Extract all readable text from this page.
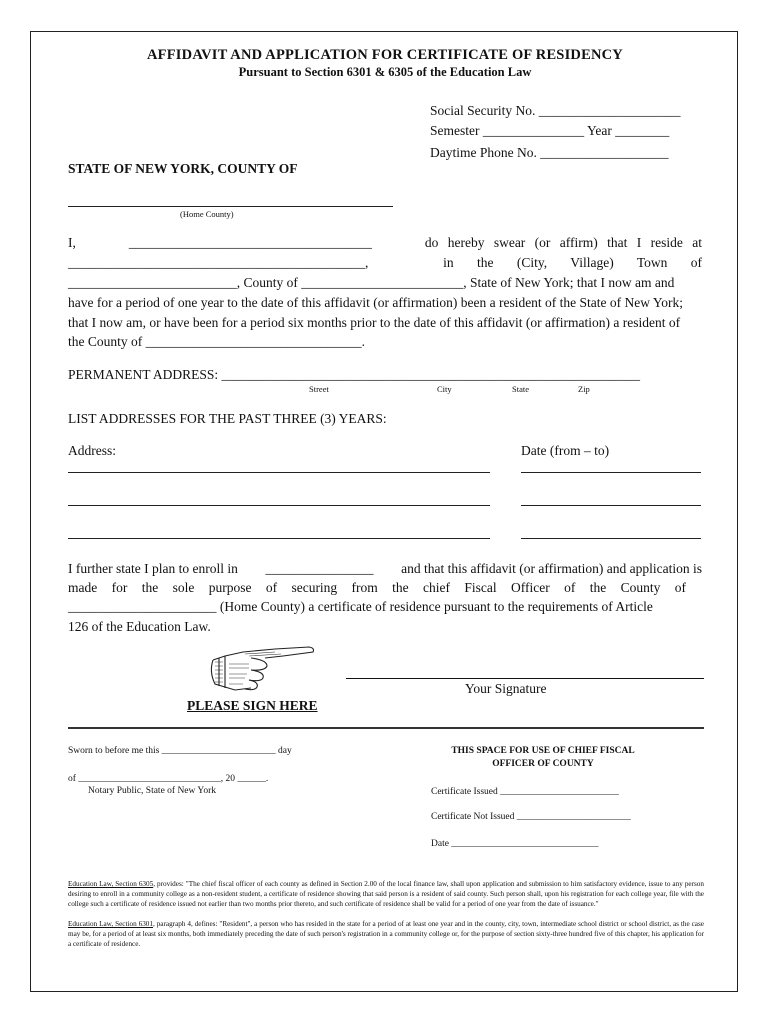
AFFIDAVIT AND APPLICATION FOR CERTIFICATE OF RESIDENCY
Pursuant to Section 6301 & 6305 of the Education Law
Social Security No. _____________________
Semester _______________ Year ________
Daytime Phone No. ___________________
STATE OF NEW YORK, COUNTY OF
(Home County)
I,	____________________________________	do hereby swear (or affirm) that I reside at
____________________________________________,	in the (City, Village) Town of
_________________________, County of ________________________, State of New York; that I now am and
have for a period of one year to the date of this affidavit (or affirmation) been a resident of the State of New York;
that I now am, or have been for a period six months prior to the date of this affidavit (or affirmation) a resident of
the County of ________________________________.
PERMANENT ADDRESS: ______________________________________________________________
Street	City	State	Zip
LIST ADDRESSES FOR THE PAST THREE (3) YEARS:
Address:	Date (from – to)
I further state I plan to enroll in ________________ and that this affidavit (or affirmation) and application is
made for the sole purpose of securing from the chief Fiscal Officer of the County of
______________________ (Home County) a certificate of residence pursuant to the requirements of Article
126 of the Education Law.
Your Signature
PLEASE SIGN HERE
Sworn to before me this ________________________ day
of ______________________________, 20 ______.
Notary Public, State of New York
THIS SPACE FOR USE OF CHIEF FISCAL
OFFICER OF COUNTY
Certificate Issued _________________________
Certificate Not Issued ________________________
Date _______________________________
Education Law, Section 6305, provides: "The chief fiscal officer of each county as defined in Section 2.00 of the local finance law, shall upon application and submission to him satisfactory evidence, issue to any person desiring to enroll in a community college as a non-resident student, a certificate of residence showing that said person is a resident of said county. Such person shall, upon his registration for each college year, file with the college such a certificate of residence issued not earlier than two months prior thereto, and such certificate of residence shall be valid for a period of one year from the date of issuance."
Education Law, Section 6301, paragraph 4, defines: "Resident", a person who has resided in the state for a period of at least one year and in the county, city, town, intermediate school district or school district, as the case may be, for a period of at least six months, both immediately preceding the date of such person's registration in a community college or, for the purpose of section sixty-three hundred five of this chapter, his application for a certificate of residence.
